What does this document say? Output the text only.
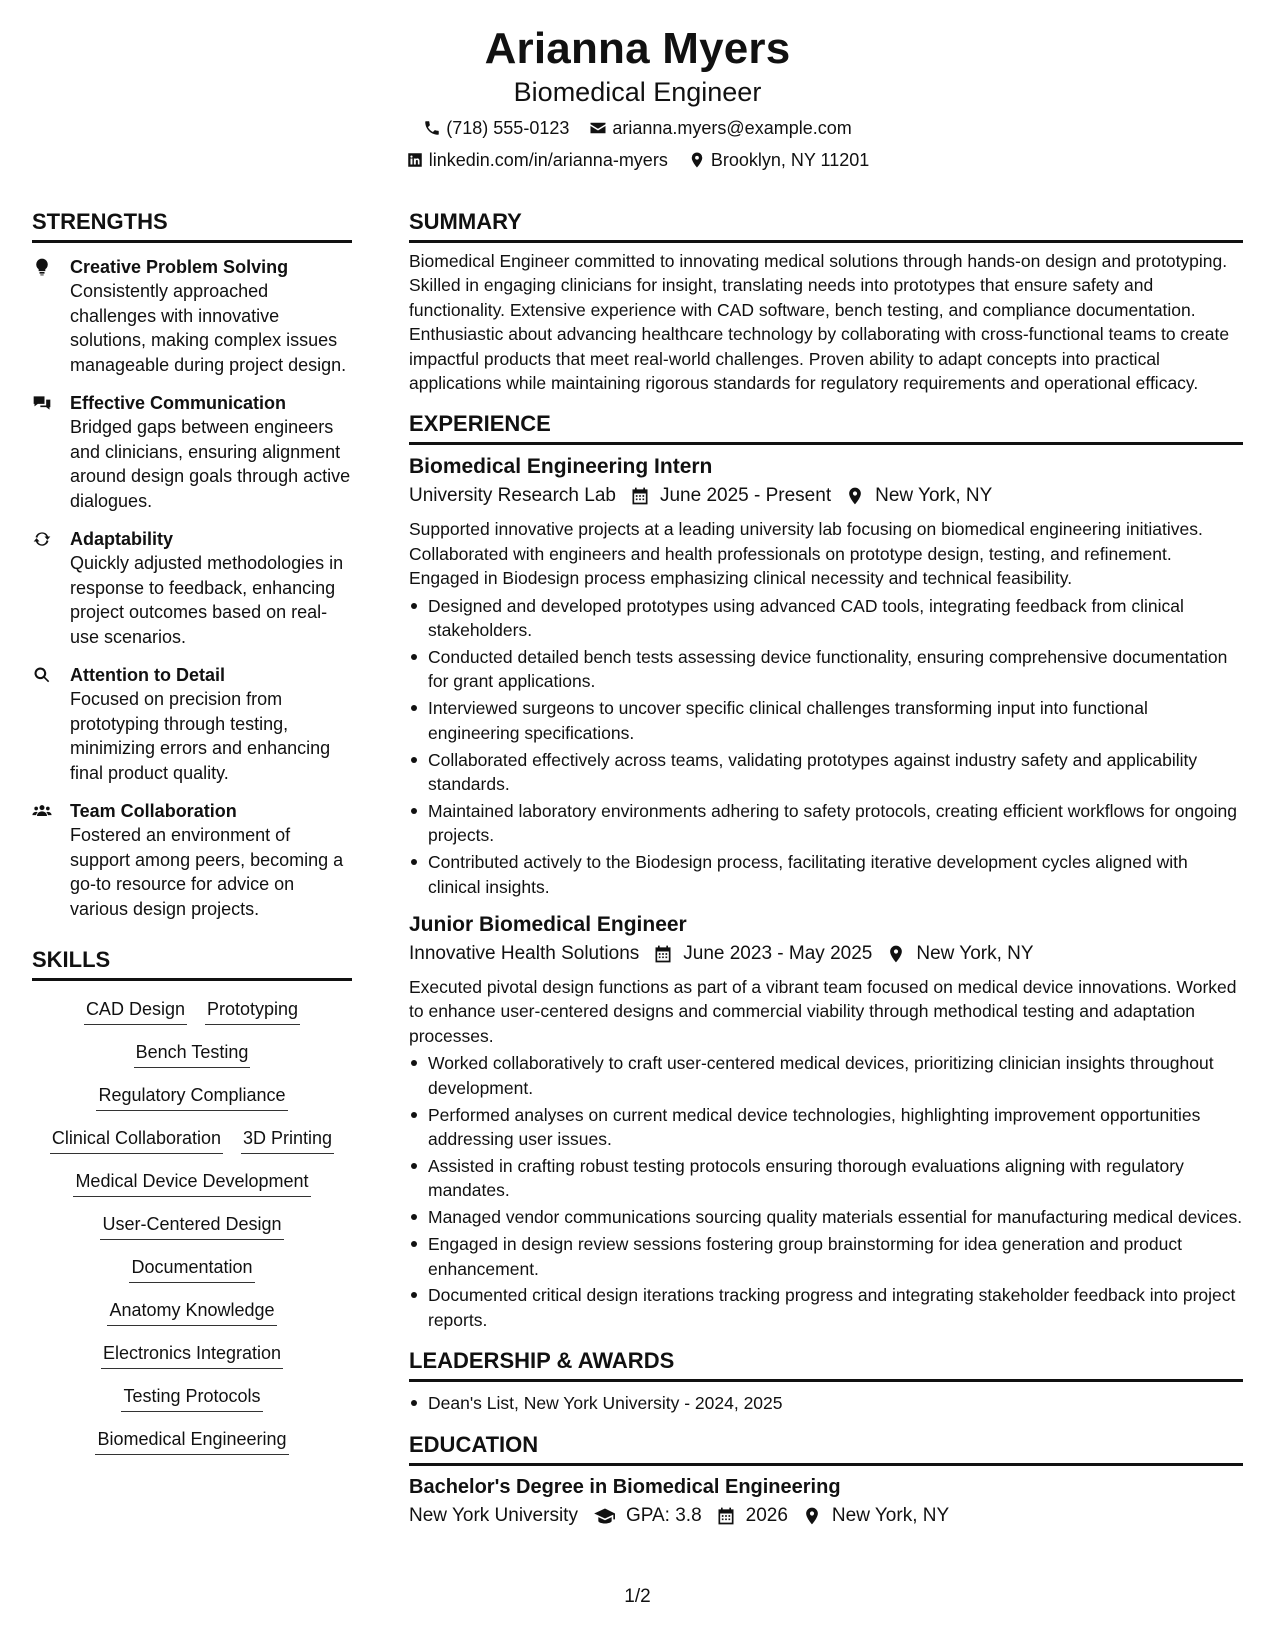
Arianna Myers
Biomedical Engineer
(718) 555-0123 arianna.myers@example.com
linkedin.com/in/arianna-myers Brooklyn, NY 11201
STRENGTHS
Creative Problem Solving
Consistently approached challenges with innovative solutions, making complex issues manageable during project design.
Effective Communication
Bridged gaps between engineers and clinicians, ensuring alignment around design goals through active dialogues.
Adaptability
Quickly adjusted methodologies in response to feedback, enhancing project outcomes based on real-use scenarios.
Attention to Detail
Focused on precision from prototyping through testing, minimizing errors and enhancing final product quality.
Team Collaboration
Fostered an environment of support among peers, becoming a go-to resource for advice on various design projects.
SKILLS
CAD Design Prototyping
Bench Testing
Regulatory Compliance
Clinical Collaboration 3D Printing
Medical Device Development
User-Centered Design
Documentation
Anatomy Knowledge
Electronics Integration
Testing Protocols
Biomedical Engineering
SUMMARY
Biomedical Engineer committed to innovating medical solutions through hands-on design and prototyping. Skilled in engaging clinicians for insight, translating needs into prototypes that ensure safety and functionality. Extensive experience with CAD software, bench testing, and compliance documentation. Enthusiastic about advancing healthcare technology by collaborating with cross-functional teams to create impactful products that meet real-world challenges. Proven ability to adapt concepts into practical applications while maintaining rigorous standards for regulatory requirements and operational efficacy.
EXPERIENCE
Biomedical Engineering Intern
University Research Lab June 2025 - Present New York, NY
Supported innovative projects at a leading university lab focusing on biomedical engineering initiatives. Collaborated with engineers and health professionals on prototype design, testing, and refinement. Engaged in Biodesign process emphasizing clinical necessity and technical feasibility.
Designed and developed prototypes using advanced CAD tools, integrating feedback from clinical stakeholders.
Conducted detailed bench tests assessing device functionality, ensuring comprehensive documentation for grant applications.
Interviewed surgeons to uncover specific clinical challenges transforming input into functional engineering specifications.
Collaborated effectively across teams, validating prototypes against industry safety and applicability standards.
Maintained laboratory environments adhering to safety protocols, creating efficient workflows for ongoing projects.
Contributed actively to the Biodesign process, facilitating iterative development cycles aligned with clinical insights.
Junior Biomedical Engineer
Innovative Health Solutions June 2023 - May 2025 New York, NY
Executed pivotal design functions as part of a vibrant team focused on medical device innovations. Worked to enhance user-centered designs and commercial viability through methodical testing and adaptation processes.
Worked collaboratively to craft user-centered medical devices, prioritizing clinician insights throughout development.
Performed analyses on current medical device technologies, highlighting improvement opportunities addressing user issues.
Assisted in crafting robust testing protocols ensuring thorough evaluations aligning with regulatory mandates.
Managed vendor communications sourcing quality materials essential for manufacturing medical devices.
Engaged in design review sessions fostering group brainstorming for idea generation and product enhancement.
Documented critical design iterations tracking progress and integrating stakeholder feedback into project reports.
LEADERSHIP & AWARDS
Dean's List, New York University - 2024, 2025
EDUCATION
Bachelor's Degree in Biomedical Engineering
New York University	GPA: 3.8 2026 New York, NY
1/2
